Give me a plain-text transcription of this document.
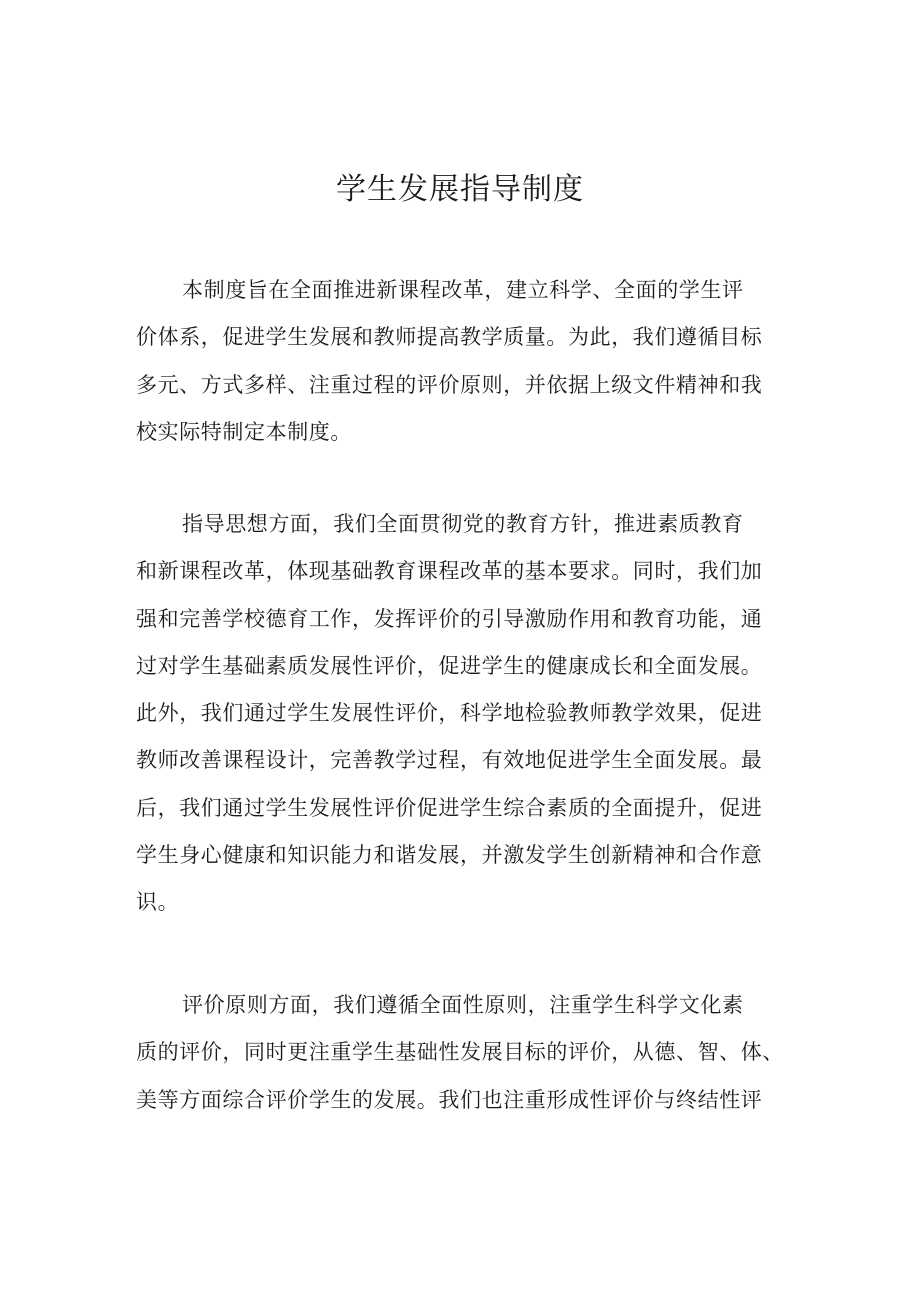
学生发展指导制度
本制度旨在全面推进新课程改革，建立科学、全面的学生评
价体系，促进学生发展和教师提高教学质量。为此，我们遵循目标
多元、方式多样、注重过程的评价原则，并依据上级文件精神和我
校实际特制定本制度。
指导思想方面，我们全面贯彻党的教育方针，推进素质教育
和新课程改革，体现基础教育课程改革的基本要求。同时，我们加
强和完善学校德育工作，发挥评价的引导激励作用和教育功能，通
过对学生基础素质发展性评价，促进学生的健康成长和全面发展。
此外，我们通过学生发展性评价，科学地检验教师教学效果，促进
教师改善课程设计，完善教学过程，有效地促进学生全面发展。最
后，我们通过学生发展性评价促进学生综合素质的全面提升，促进
学生身心健康和知识能力和谐发展，并激发学生创新精神和合作意
识。
评价原则方面，我们遵循全面性原则，注重学生科学文化素
质的评价，同时更注重学生基础性发展目标的评价，从德、智、体、
美等方面综合评价学生的发展。我们也注重形成性评价与终结性评
